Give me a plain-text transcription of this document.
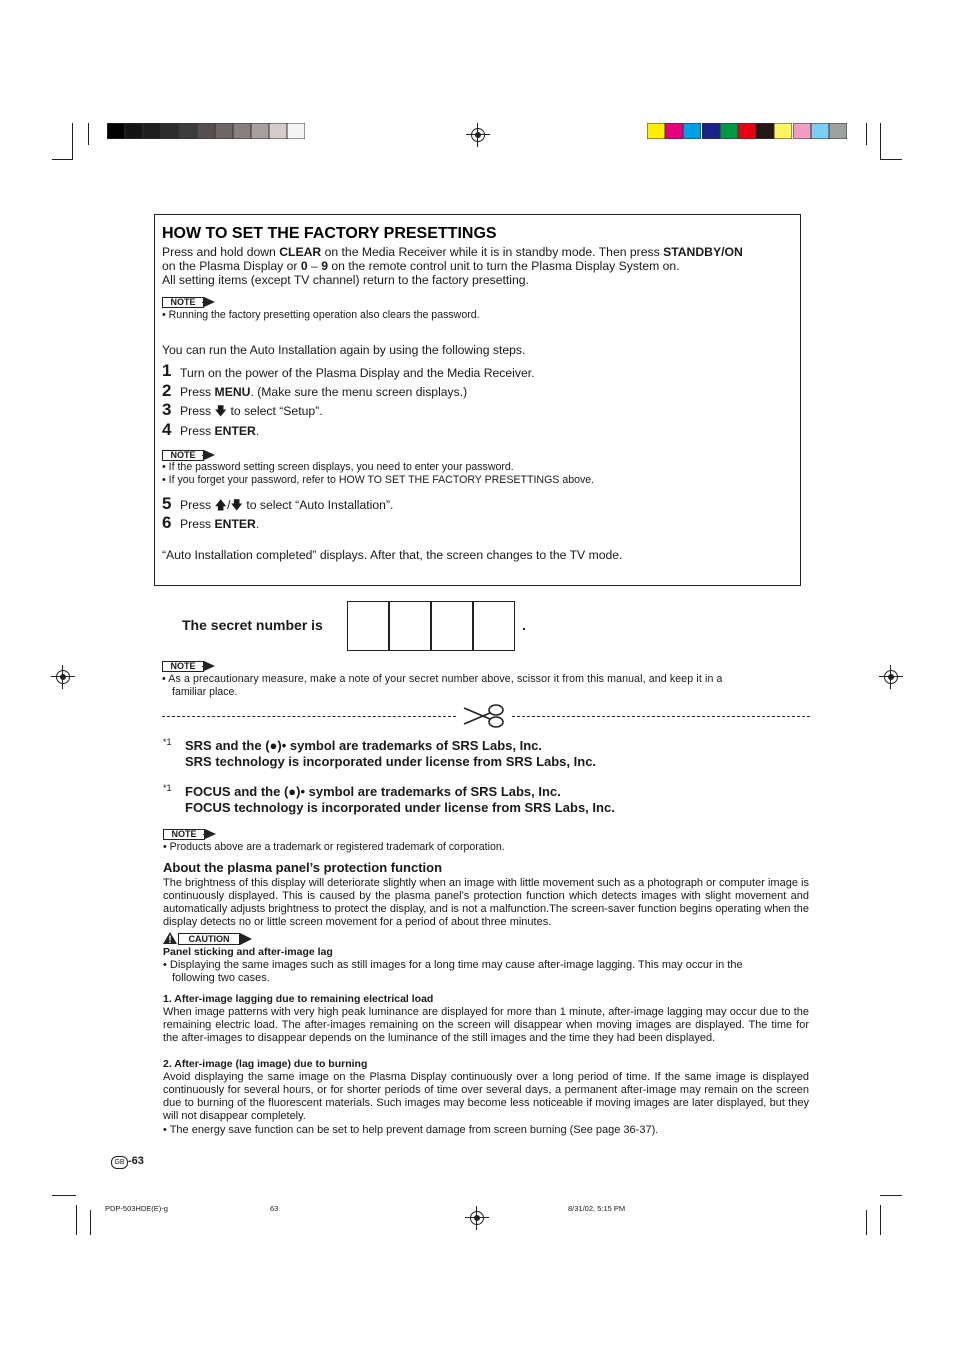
HOW TO SET THE FACTORY PRESETTINGS
Press and hold down CLEAR on the Media Receiver while it is in standby mode. Then press STANDBY/ON
on the Plasma Display or 0 – 9 on the remote control unit to turn the Plasma Display System on.
All setting items (except TV channel) return to the factory presetting.
NOTE
• Running the factory presetting operation also clears the password.
You can run the Auto Installation again by using the following steps.
1 Turn on the power of the Plasma Display and the Media Receiver.
2 Press MENU. (Make sure the menu screen displays.)
3 Press 🡇 to select “Setup”.
4 Press ENTER.
NOTE
• If the password setting screen displays, you need to enter your password.
• If you forget your password, refer to HOW TO SET THE FACTORY PRESETTINGS above.
5 Press 🡅/🡇 to select “Auto Installation”.
6 Press ENTER.
“Auto Installation completed” displays. After that, the screen changes to the TV mode.
The secret number is	.
NOTE
• As a precautionary measure, make a note of your secret number above, scissor it from this manual, and keep it in a
familiar place.
*1 SRS and the (●)• symbol are trademarks of SRS Labs, Inc.
SRS technology is incorporated under license from SRS Labs, Inc.
*1 FOCUS and the (●)• symbol are trademarks of SRS Labs, Inc.
FOCUS technology is incorporated under license from SRS Labs, Inc.
NOTE
• Products above are a trademark or registered trademark of corporation.
About the plasma panel’s protection function
The brightness of this display will deteriorate slightly when an image with little movement such as a photograph or computer image is continuously displayed. This is caused by the plasma panel’s protection function which detects images with slight movement and automatically adjusts brightness to protect the display, and is not a malfunction.The screen-saver function begins operating when the display detects no or little screen movement for a period of about three minutes.
CAUTION
Panel sticking and after-image lag
• Displaying the same images such as still images for a long time may cause after-image lagging. This may occur in the
following two cases.
1. After-image lagging due to remaining electrical load
When image patterns with very high peak luminance are displayed for more than 1 minute, after-image lagging may occur due to the remaining electric load. The after-images remaining on the screen will disappear when moving images are displayed. The time for the after-images to disappear depends on the luminance of the still images and the time they had been displayed.
2. After-image (lag image) due to burning
Avoid displaying the same image on the Plasma Display continuously over a long period of time. If the same image is displayed continuously for several hours, or for shorter periods of time over several days, a permanent after-image may remain on the screen due to burning of the fluorescent materials. Such images may become less noticeable if moving images are later displayed, but they will not disappear completely.
• The energy save function can be set to help prevent damage from screen burning (See page 36-37).
GB -63
PDP-503HDE(E)-g	63	8/31/02, 5:15 PM
